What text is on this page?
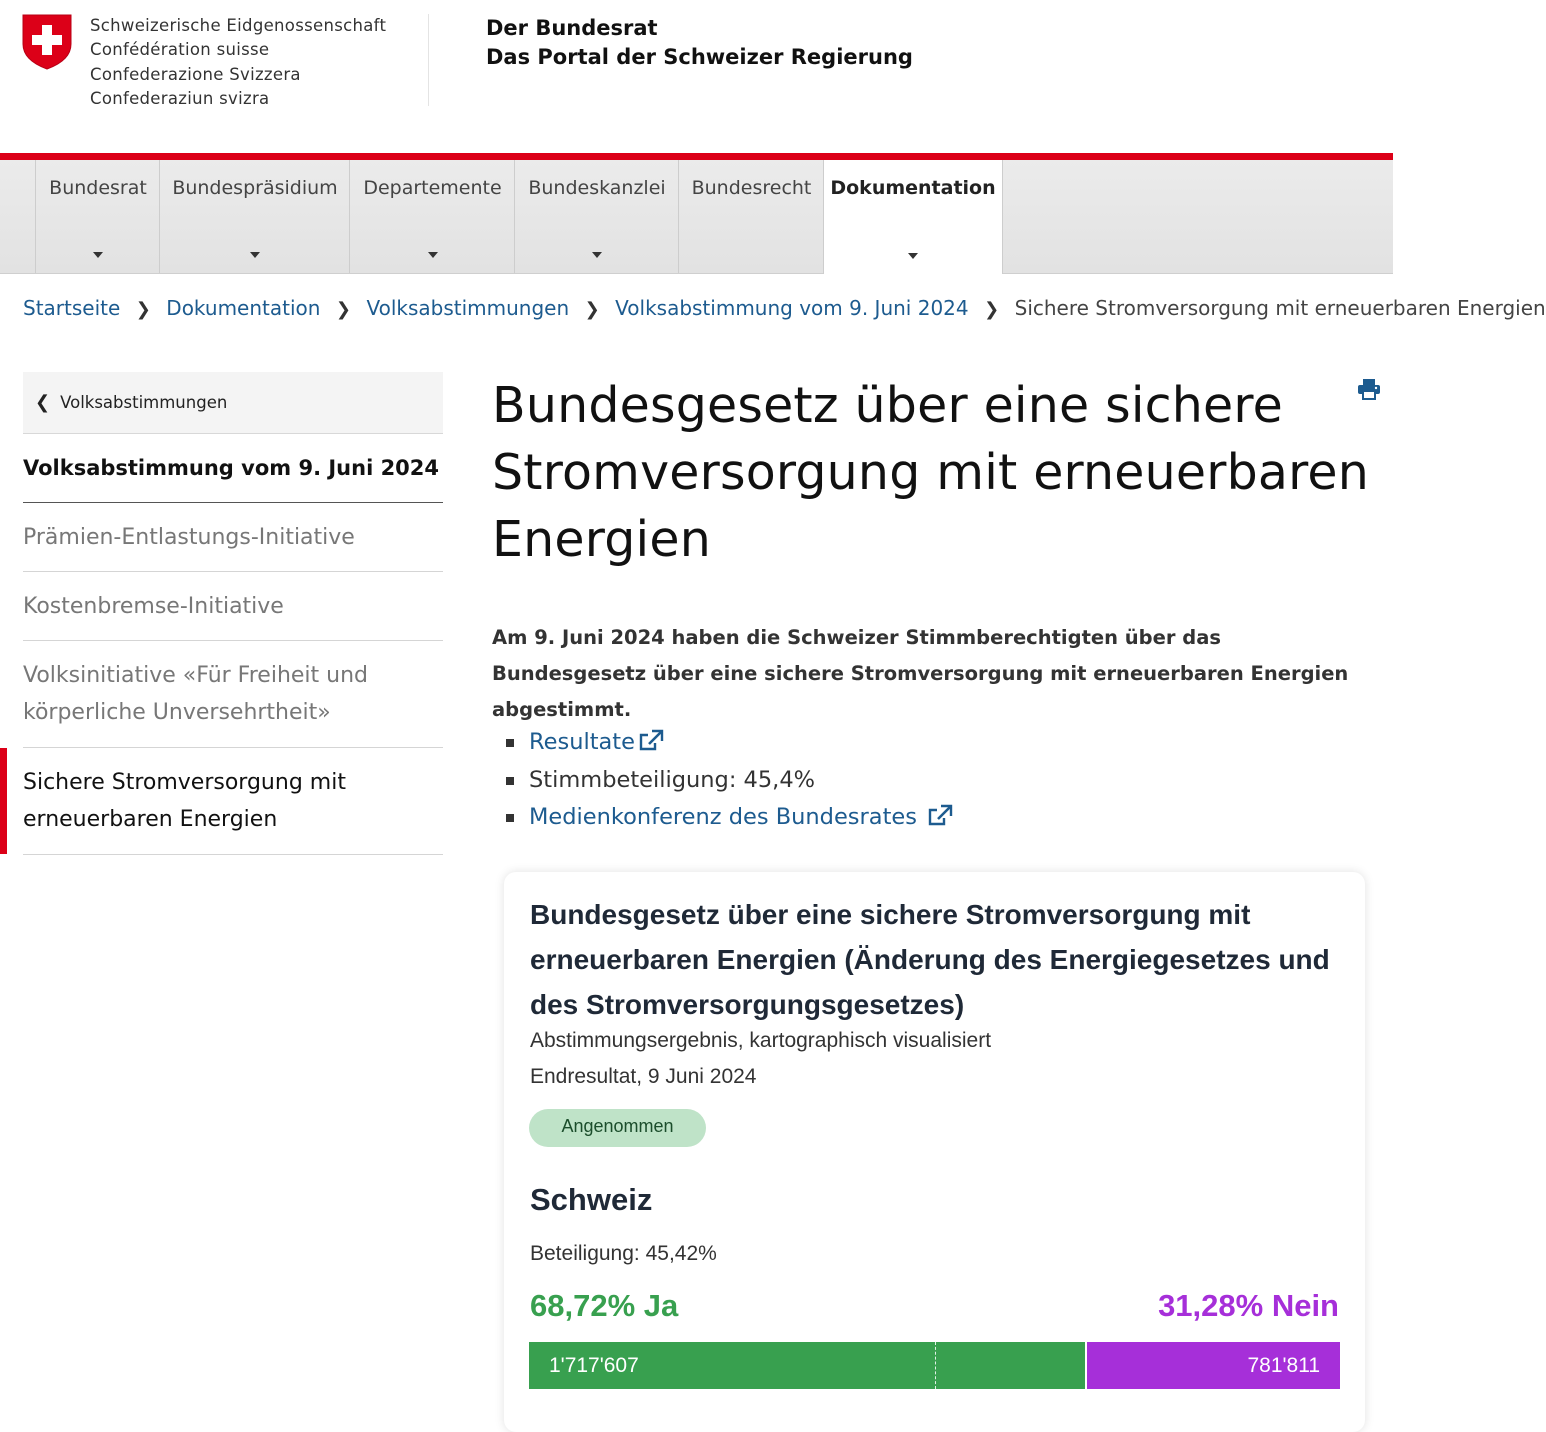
Schweizerische Eidgenossenschaft
Confédération suisse
Confederazione Svizzera
Confederaziun svizra
Der Bundesrat
Das Portal der Schweizer Regierung
Bundesrat	Bundespräsidium	Departemente	Bundeskanzlei	Bundesrecht Dokumentation
Startseite ❯ Dokumentation ❯ Volksabstimmungen ❯ Volksabstimmung vom 9. Juni 2024 ❯ Sichere Stromversorgung mit erneuerbaren Energien
❮ Volksabstimmungen
Volksabstimmung vom 9. Juni 2024
Prämien-Entlastungs-Initiative
Kostenbremse-Initiative
Volksinitiative «Für Freiheit und körperliche Unversehrtheit»
Sichere Stromversorgung mit erneuerbaren Energien
Bundesgesetz über eine sichere Stromversorgung mit erneuerbaren Energien
Am 9. Juni 2024 haben die Schweizer Stimmberechtigten über das Bundesgesetz über eine sichere Stromversorgung mit erneuerbaren Energien abgestimmt.
Resultate
Stimmbeteiligung: 45,4%
Medienkonferenz des Bundesrates
Bundesgesetz über eine sichere Stromversorgung mit erneuerbaren Energien (Änderung des Energiegesetzes und des Stromversorgungsgesetzes)
Abstimmungsergebnis, kartographisch visualisiert
Endresultat, 9 Juni 2024
Angenommen
Schweiz
Beteiligung: 45,42%
68,72% Ja	31,28% Nein
1'717'607	781'811
